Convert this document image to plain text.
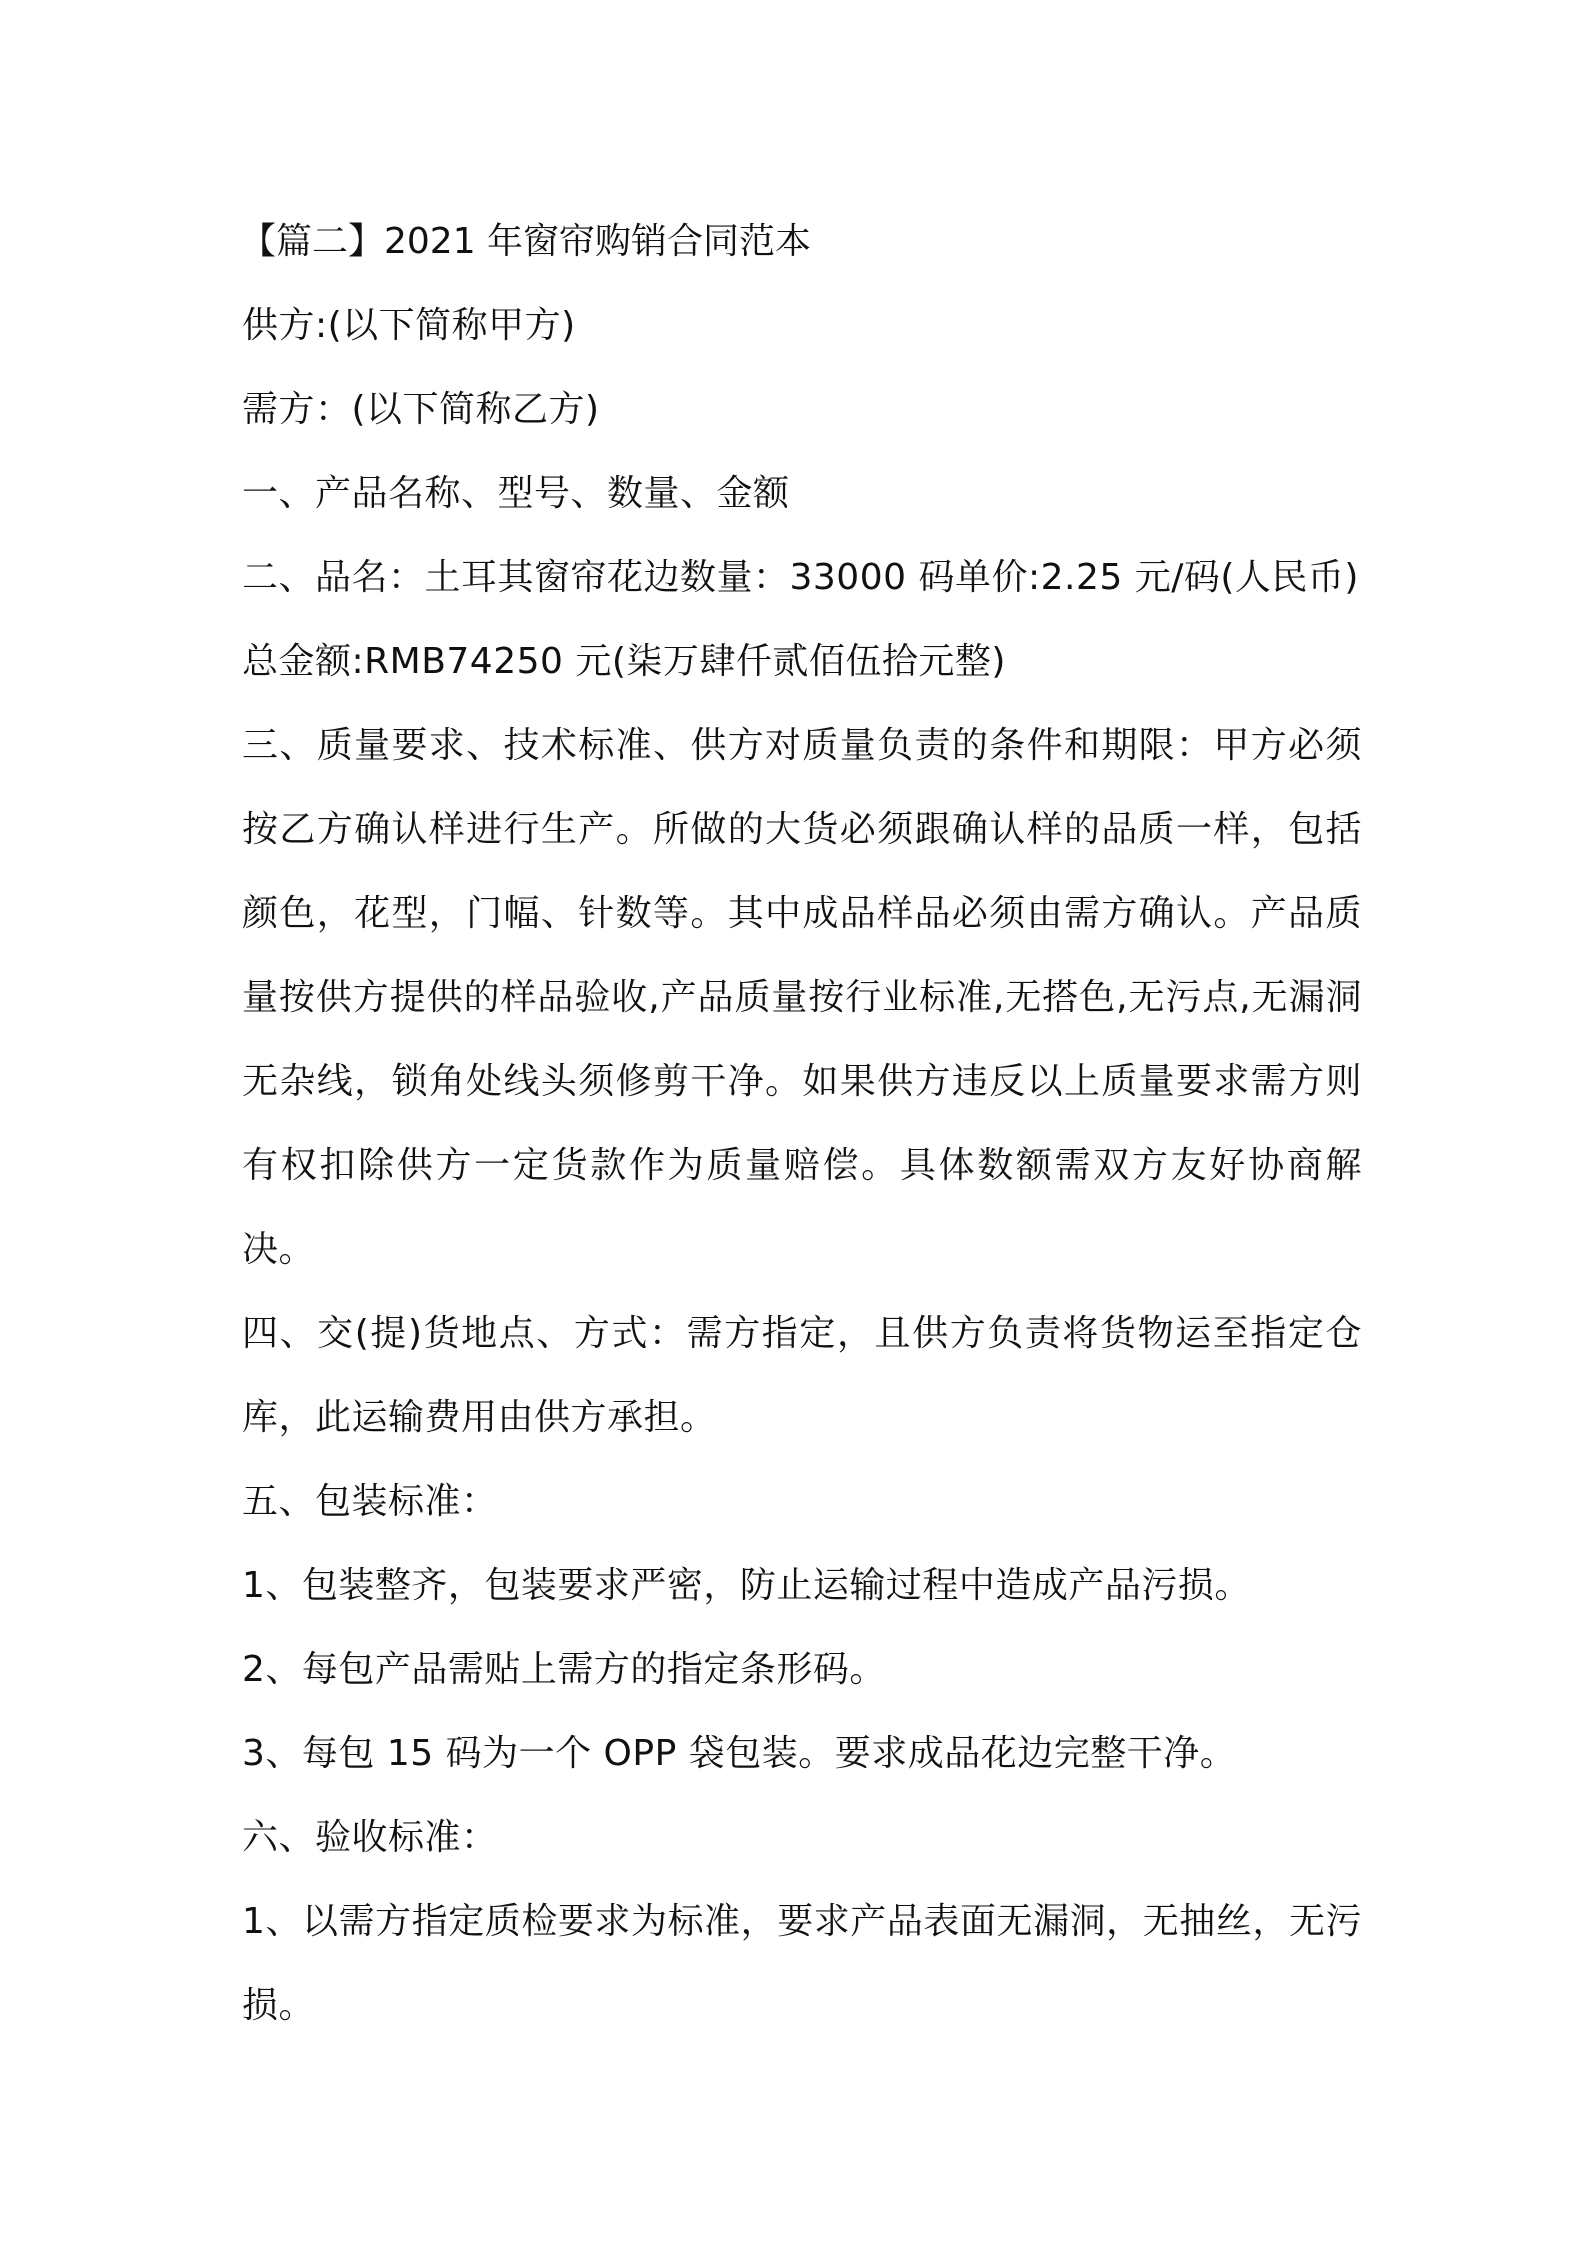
【篇二】2021 年窗帘购销合同范本
供方:(以下简称甲方)
需方：(以下简称乙方)
一、产品名称、型号、数量、金额
二、品名：土耳其窗帘花边数量：33000 码单价:2.25 元/码(人民币)
总金额:RMB74250 元(柒万肆仟贰佰伍拾元整)
三、质量要求、技术标准、供方对质量负责的条件和期限：甲方必须按乙方确认样进行生产。所做的大货必须跟确认样的品质一样，包括颜色，花型，门幅、针数等。其中成品样品必须由需方确认。产品质量按供方提供的样品验收,产品质量按行业标准,无搭色,无污点,无漏洞无杂线，锁角处线头须修剪干净。如果供方违反以上质量要求需方则有权扣除供方一定货款作为质量赔偿。具体数额需双方友好协商解决。
四、交(提)货地点、方式：需方指定，且供方负责将货物运至指定仓库，此运输费用由供方承担。
五、包装标准：
1、包装整齐，包装要求严密，防止运输过程中造成产品污损。
2、每包产品需贴上需方的指定条形码。
3、每包 15 码为一个 OPP 袋包装。要求成品花边完整干净。
六、验收标准：
1、以需方指定质检要求为标准，要求产品表面无漏洞，无抽丝，无污损。
